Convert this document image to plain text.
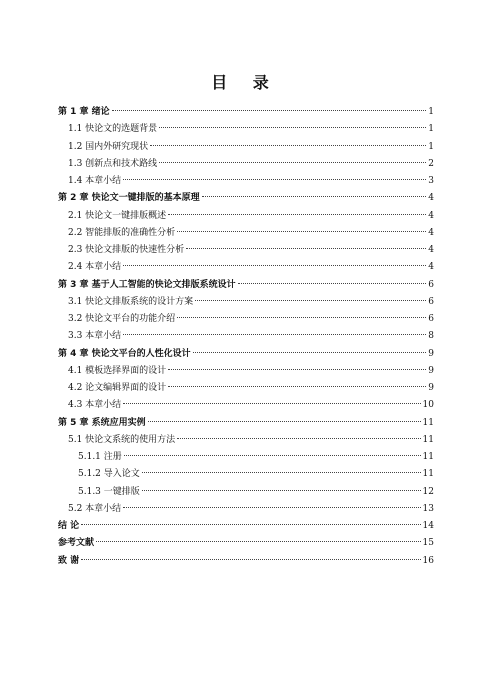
目 录
第 1 章 绪论	1
1.1 快论文的选题背景	1
1.2 国内外研究现状	1
1.3 创新点和技术路线	2
1.4 本章小结	3
第 2 章 快论文一键排版的基本原理	4
2.1 快论文一键排版概述	4
2.2 智能排版的准确性分析	4
2.3 快论文排版的快速性分析	4
2.4 本章小结	4
第 3 章 基于人工智能的快论文排版系统设计	6
3.1 快论文排版系统的设计方案	6
3.2 快论文平台的功能介绍	6
3.3 本章小结	8
第 4 章 快论文平台的人性化设计	9
4.1 模板选择界面的设计	9
4.2 论文编辑界面的设计	9
4.3 本章小结	10
第 5 章 系统应用实例	11
5.1 快论文系统的使用方法	11
5.1.1 注册	11
5.1.2 导入论文	11
5.1.3 一键排版	12
5.2 本章小结	13
结 论	14
参考文献	15
致 谢	16
